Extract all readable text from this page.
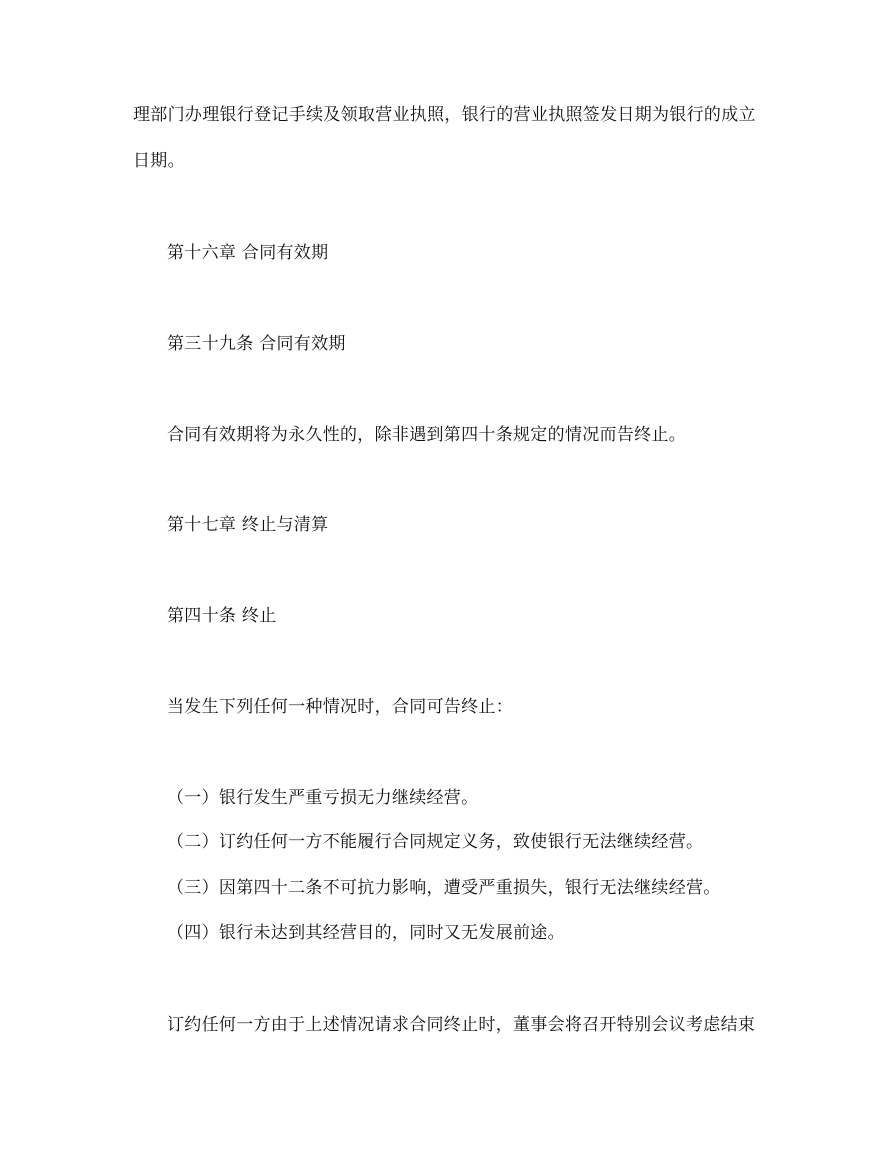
理部门办理银行登记手续及领取营业执照，银行的营业执照签发日期为银行的成立
日期。
第十六章 合同有效期
第三十九条 合同有效期
合同有效期将为永久性的，除非遇到第四十条规定的情况而告终止。
第十七章 终止与清算
第四十条 终止
当发生下列任何一种情况时，合同可告终止：
（一）银行发生严重亏损无力继续经营。
（二）订约任何一方不能履行合同规定义务，致使银行无法继续经营。
（三）因第四十二条不可抗力影响，遭受严重损失，银行无法继续经营。
（四）银行未达到其经营目的，同时又无发展前途。
订约任何一方由于上述情况请求合同终止时，董事会将召开特别会议考虑结束
